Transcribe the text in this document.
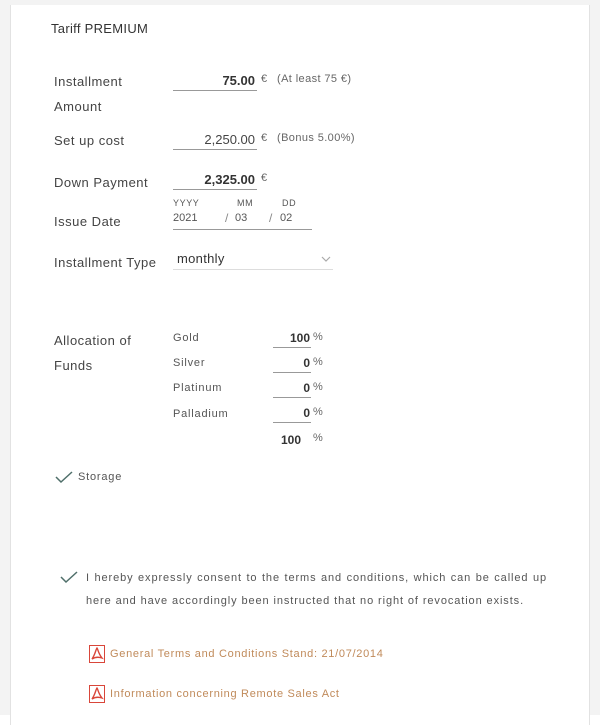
Tariff PREMIUM
Installment
Amount
75.00 € (At least 75 €)
Set up cost	2,250.00 € (Bonus 5.00%)
Down Payment	2,325.00 €
Issue Date
YYYY	MM	DD
2021 / 03 / 02
Installment Type monthly
Allocation of
Funds
Gold	100 %
Silver	0 %
Platinum	0 %
Palladium	0 %
100 %
Storage
I hereby expressly consent to the terms and conditions, which can be called up here and have accordingly been instructed that no right of revocation exists.
General Terms and Conditions Stand: 21/07/2014
Information concerning Remote Sales Act
